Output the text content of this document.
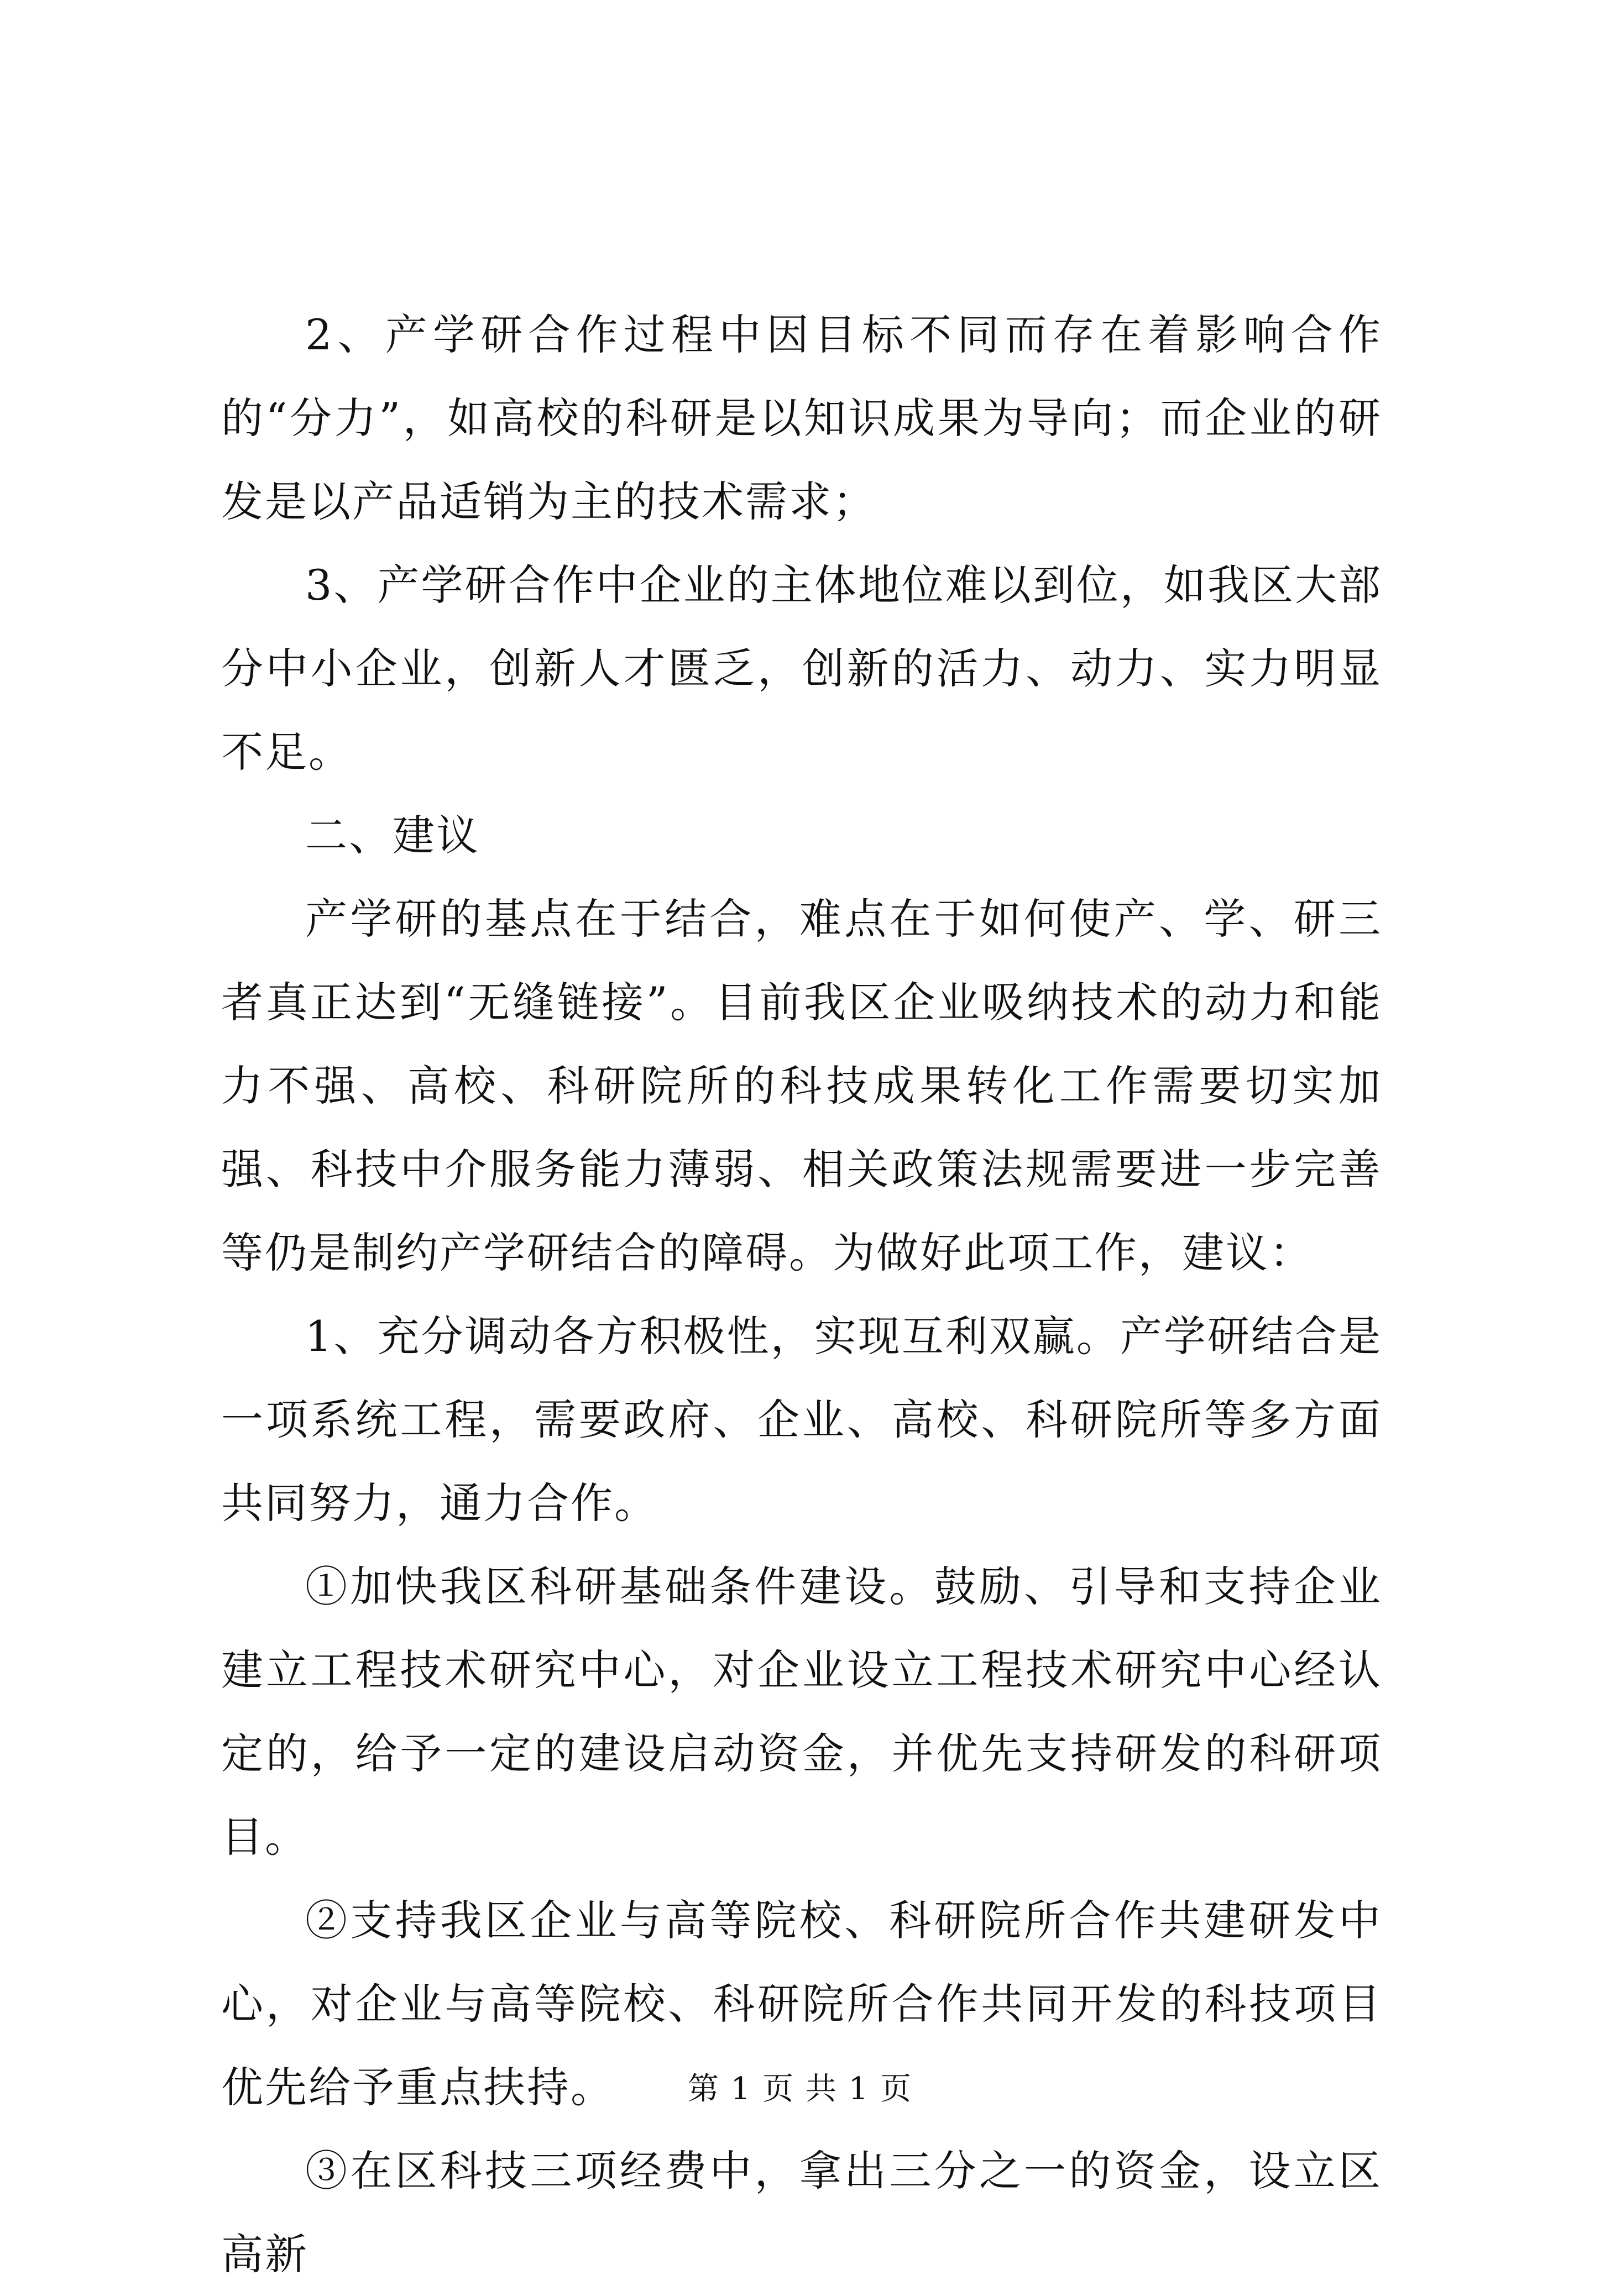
2、产学研合作过程中因目标不同而存在着影响合作的“分力”，如高校的科研是以知识成果为导向；而企业的研发是以产品适销为主的技术需求；

3、产学研合作中企业的主体地位难以到位，如我区大部分中小企业，创新人才匮乏，创新的活力、动力、实力明显不足。

二、建议

产学研的基点在于结合，难点在于如何使产、学、研三者真正达到“无缝链接”。目前我区企业吸纳技术的动力和能力不强、高校、科研院所的科技成果转化工作需要切实加强、科技中介服务能力薄弱、相关政策法规需要进一步完善等仍是制约产学研结合的障碍。为做好此项工作，建议：

1、充分调动各方积极性，实现互利双赢。产学研结合是一项系统工程，需要政府、企业、高校、科研院所等多方面共同努力，通力合作。

①加快我区科研基础条件建设。鼓励、引导和支持企业建立工程技术研究中心，对企业设立工程技术研究中心经认定的，给予一定的建设启动资金，并优先支持研发的科研项目。

②支持我区企业与高等院校、科研院所合作共建研发中心，对企业与高等院校、科研院所合作共同开发的科技项目优先给予重点扶持。

③在区科技三项经费中，拿出三分之一的资金，设立区高新

第 1 页 共 1 页
